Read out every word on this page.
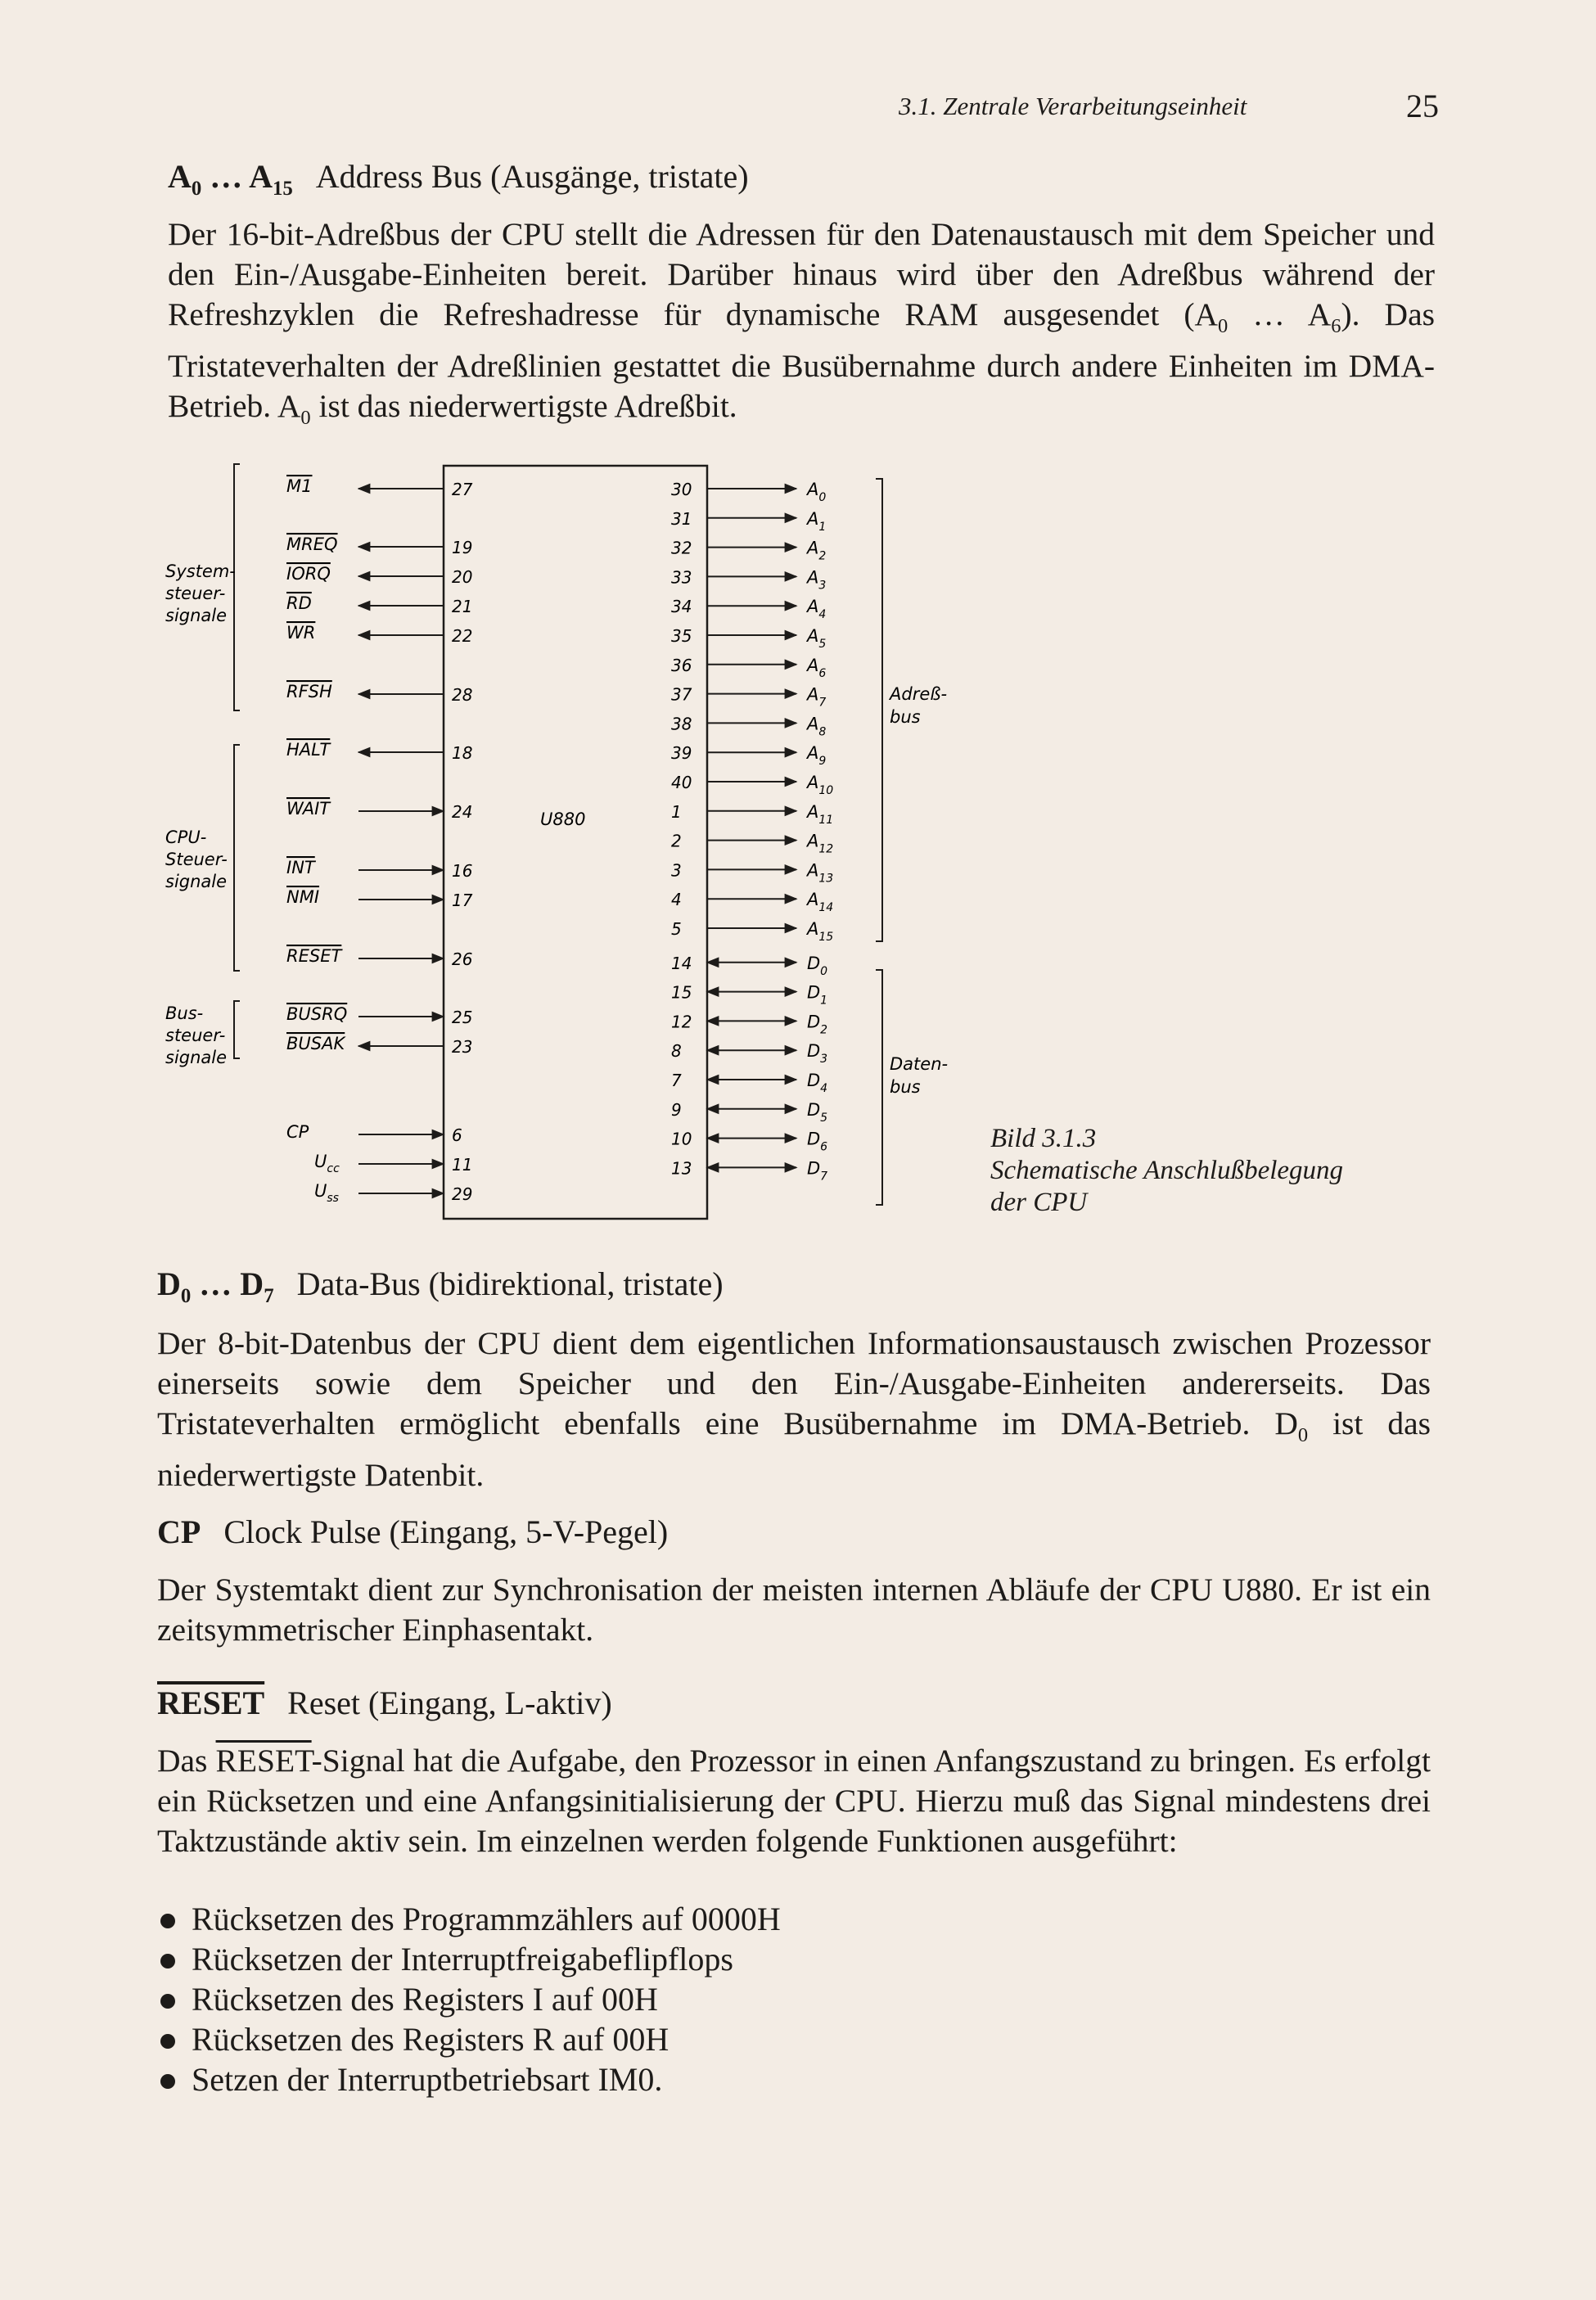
3.1. Zentrale Verarbeitungseinheit	25
$A_0$ … $A_{15}$ Address Bus (Ausgänge, tristate)
Der 16-bit-Adreßbus der CPU stellt die Adressen für den Datenaustausch mit dem Speicher und den Ein-/Ausgabe-Einheiten bereit. Darüber hinaus wird über den Adreßbus während der Refreshzyklen die Refreshadresse für dynamische RAM ausgesendet ($A_0$ … $A_6$). Das Tristateverhalten der Adreßlinien gestattet die Busübernahme durch andere Einheiten im DMA-Betrieb. $A_0$ ist das niederwertigste Adreßbit.
M1	27
MREQ	19
IORQ	20
RD	21
WR	22
RFSH	28
HALT	18
WAIT	24
INT	16
NMI	17
RESET	26
BUSRQ	25
BUSAK	23
CP	6
$U_{cc}$	11
$U_{ss}$	29
30	$A_0$
31	$A_1$
32	$A_2$
33	$A_3$
34	$A_4$
35	$A_5$
36	$A_6$
37	$A_7$
38	$A_8$
39	$A_9$
40	$A_{10}$
1	$A_{11}$
2	$A_{12}$
3	$A_{13}$
4	$A_{14}$
5	$A_{15}$
14	$D_0$
15	$D_1$
12	$D_2$
8	$D_3$
7	$D_4$
9	$D_5$
10	$D_6$
13	$D_7$
System-
steuer-
signale
CPU-
Steuer-
signale
Bus-
steuer-
signale
Adreß-
bus
Daten-
bus
U880
Bild 3.1.3
Schematische Anschlußbelegung
der CPU
$D_0$ … $D_7$ Data-Bus (bidirektional, tristate)
Der 8-bit-Datenbus der CPU dient dem eigentlichen Informationsaustausch zwischen Prozessor einerseits sowie dem Speicher und den Ein-/Ausgabe-Einheiten andererseits. Das Tristateverhalten ermöglicht ebenfalls eine Busübernahme im DMA-Betrieb. $D_0$ ist das niederwertigste Datenbit.
CP Clock Pulse (Eingang, 5-V-Pegel)
Der Systemtakt dient zur Synchronisation der meisten internen Abläufe der CPU U880. Er ist ein zeitsymmetrischer Einphasentakt.
RESET Reset (Eingang, L-aktiv)
Das RESET-Signal hat die Aufgabe, den Prozessor in einen Anfangszustand zu bringen. Es erfolgt ein Rücksetzen und eine Anfangsinitialisierung der CPU. Hierzu muß das Signal mindestens drei Taktzustände aktiv sein. Im einzelnen werden folgende Funktionen ausgeführt:
Rücksetzen des Programmzählers auf 0000H
Rücksetzen der Interruptfreigabeflipflops
Rücksetzen des Registers I auf 00H
Rücksetzen des Registers R auf 00H
Setzen der Interruptbetriebsart IM0.
